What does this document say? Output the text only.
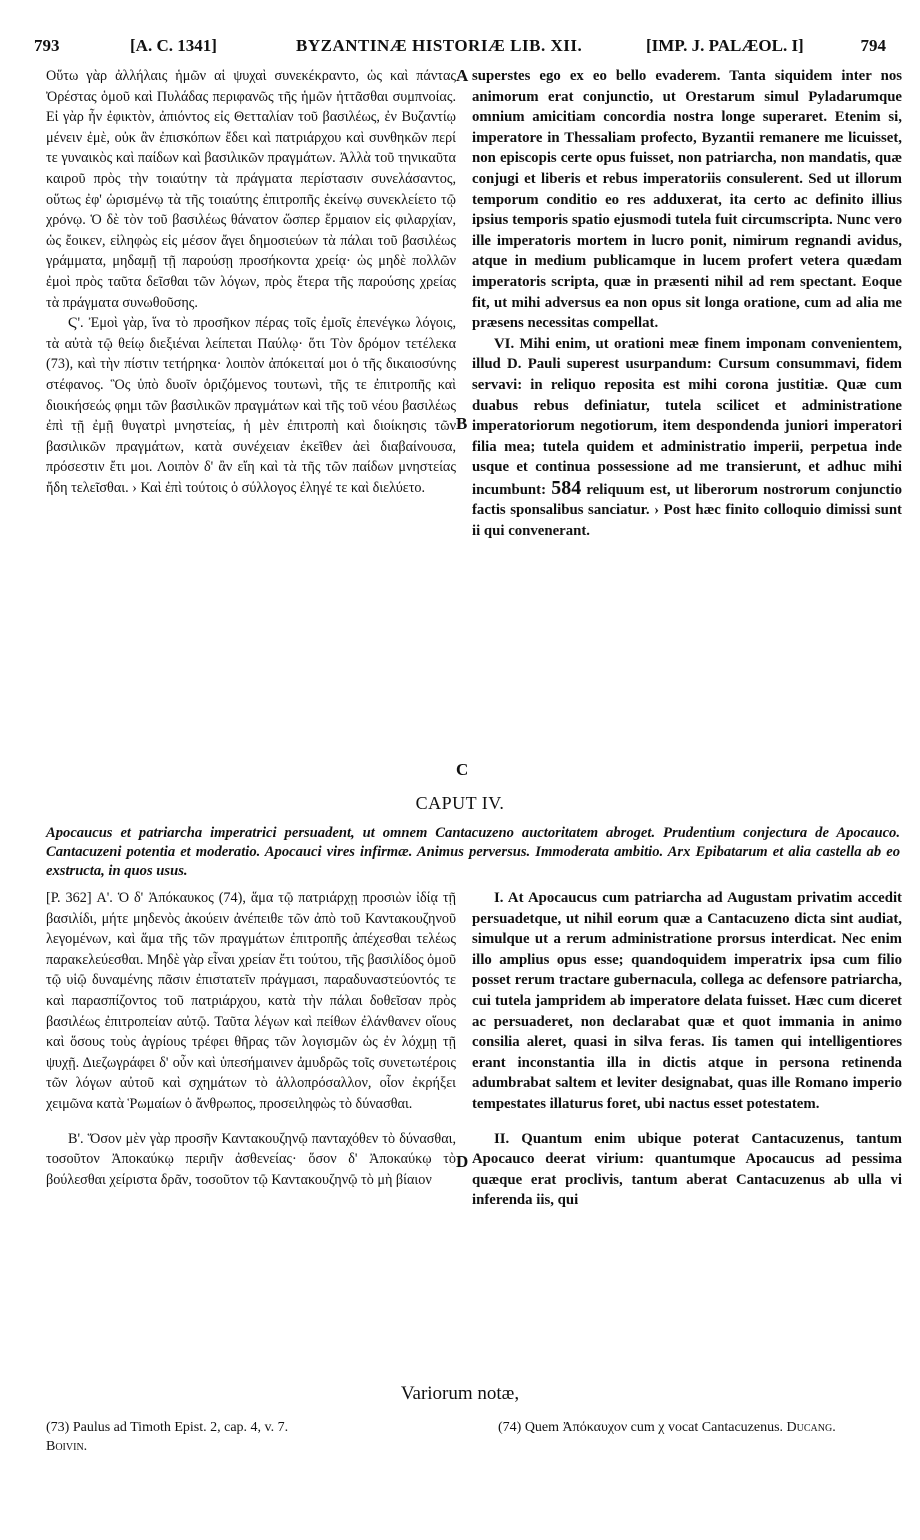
793	[A. C. 1341]	BYZANTINÆ HISTORIÆ LIB. XII.	[IMP. J. PALÆOL. I]	794

Οὕτω γὰρ ἀλλήλαις ἡμῶν αἱ ψυχαὶ συνεκέκραντο, ὡς καὶ πάντας Ὀρέστας ὁμοῦ καὶ Πυλάδας περιφανῶς τῆς ἡμῶν ἡττᾶσθαι συμπνοίας. Εἰ γὰρ ἦν ἐφικτὸν, ἀπιόντος εἰς Θετταλίαν τοῦ βασιλέως, ἐν Βυζαντίῳ μένειν ἐμὲ, οὐκ ἂν ἐπισκόπων ἔδει καὶ πατριάρχου καὶ συνθηκῶν περί τε γυναικὸς καὶ παίδων καὶ βασιλικῶν πραγμάτων. Ἀλλὰ τοῦ τηνικαῦτα καιροῦ πρὸς τὴν τοιαύτην τὰ πράγματα περίστασιν συνελάσαντος, οὕτως ἐφ' ὡρισμένῳ τὰ τῆς τοιαύτης ἐπιτροπῆς ἐκείνῳ συνεκλείετο τῷ χρόνῳ. Ὁ δὲ τὸν τοῦ βασιλέως θάνατον ὥσπερ ἕρμαιον εἰς φιλαρχίαν, ὡς ἔοικεν, εἰληφὼς εἰς μέσον ἄγει δημοσιεύων τὰ πάλαι τοῦ βασιλέως γράμματα, μηδαμῇ τῇ παρούσῃ προσήκοντα χρείᾳ· ὡς μηδὲ πολλῶν ἐμοὶ πρὸς ταῦτα δεῖσθαι τῶν λόγων, πρὸς ἕτερα τῆς παρούσης χρείας τὰ πράγματα συνωθοῦσης.

Ϛ'. Ἐμοὶ γὰρ, ἵνα τὸ προσῆκον πέρας τοῖς ἐμοῖς ἐπενέγκω λόγοις, τὰ αὐτὰ τῷ θείῳ διεξιέναι λείπεται Παύλῳ· ὅτι Τὸν δρόμον τετέλεκα (73), καὶ τὴν πίστιν τετήρηκα· λοιπὸν ἀπόκειταί μοι ὁ τῆς δικαιοσύνης στέφανος. Ὃς ὑπὸ δυοῖν ὁριζόμενος τουτωνὶ, τῆς τε ἐπιτροπῆς καὶ διοικήσεώς φημι τῶν βασιλικῶν πραγμάτων καὶ τῆς τοῦ νέου βασιλέως ἐπὶ τῇ ἐμῇ θυγατρὶ μνηστείας, ἡ μὲν ἐπιτροπὴ καὶ διοίκησις τῶν βασιλικῶν πραγμάτων, κατὰ συνέχειαν ἐκεῖθεν ἀεὶ διαβαίνουσα, πρόσεστιν ἔτι μοι. Λοιπὸν δ' ἂν εἴη καὶ τὰ τῆς τῶν παίδων μνηστείας ἤδη τελεῖσθαι. › Καὶ ἐπὶ τούτοις ὁ σύλλογος ἐληγέ τε καὶ διελύετο.

superstes ego ex eo bello evaderem. Tanta siquidem inter nos animorum erat conjunctio, ut Orestarum simul Pyladarumque omnium amicitiam concordia nostra longe superaret. Etenim si, imperatore in Thessaliam profecto, Byzantii remanere me licuisset, non episcopis certe opus fuisset, non patriarcha, non mandatis, quæ conjugi et liberis et rebus imperatoriis consulerent. Sed ut illorum temporum conditio eo res adduxerat, ita certo ac definito illius ipsius temporis spatio ejusmodi tutela fuit circumscripta. Nunc vero ille imperatoris mortem in lucro ponit, nimirum regnandi avidus, atque in medium publicamque in lucem profert vetera quædam imperatoris scripta, quæ in præsenti nihil ad rem spectant. Eoque fit, ut mihi adversus ea non opus sit longa oratione, cum ad alia me præsens necessitas compellat.

VI. Mihi enim, ut orationi meæ finem imponam convenientem, illud D. Pauli superest usurpandum: Cursum consummavi, fidem servavi: in reliquo reposita est mihi corona justitiæ. Quæ cum duabus rebus definiatur, tutela scilicet et administratione imperatoriorum negotiorum, item despondenda juniori imperatori filia mea; tutela quidem et administratio imperii, perpetua inde usque et continua possessione ad me transierunt, et adhuc mihi incumbunt: 584 reliquum est, ut liberorum nostrorum conjunctio factis sponsalibus sanciatur. › Post hæc finito colloquio dimissi sunt ii qui convenerant.

A
B
C
CAPUT IV.
Apocaucus et patriarcha imperatrici persuadent, ut omnem Cantacuzeno auctoritatem abroget. Prudentium conjectura de Apocauco. Cantacuzeni potentia et moderatio. Apocauci vires infirmæ. Animus perversus. Immoderata ambitio. Arx Epibatarum et alia castella ab eo exstructa, in quos usus.

[P. 362] Α'. Ὁ δ' Ἀπόκαυκος (74), ἅμα τῷ πατριάρχῃ προσιὼν ἰδίᾳ τῇ βασιλίδι, μήτε μηδενὸς ἀκούειν ἀνέπειθε τῶν ἀπὸ τοῦ Καντακουζηνοῦ λεγομένων, καὶ ἅμα τῆς τῶν πραγμάτων ἐπιτροπῆς ἀπέχεσθαι τελέως παρακελεύεσθαι. Μηδὲ γὰρ εἶναι χρείαν ἔτι τούτου, τῆς βασιλίδος ὁμοῦ τῷ υἱῷ δυναμένης πᾶσιν ἐπιστατεῖν πράγμασι, παραδυναστεύοντός τε καὶ παρασπίζοντος τοῦ πατριάρχου, κατὰ τὴν πάλαι δοθεῖσαν πρὸς βασιλέως ἐπιτροπείαν αὐτῷ. Ταῦτα λέγων καὶ πείθων ἐλάνθανεν οἵους καὶ ὅσους τοὺς ἀγρίους τρέφει θῆρας τῶν λογισμῶν ὡς ἐν λόχμῃ τῇ ψυχῇ. Διεζωγράφει δ' οὖν καὶ ὑπεσήμαινεν ἀμυδρῶς τοῖς συνετωτέροις τῶν λόγων αὐτοῦ καὶ σχημάτων τὸ ἀλλοπρόσαλλον, οἷον ἐκρήξει χειμῶνα κατὰ Ῥωμαίων ὁ ἄνθρωπος, προσειληφὼς τὸ δύνασθαι.

Β'. Ὅσον μὲν γὰρ προσῆν Καντακουζηνῷ πανταχόθεν τὸ δύνασθαι, τοσοῦτον Ἀποκαύκῳ περιῆν ἀσθενείας· ὅσον δ' Ἀποκαύκῳ τὸ βούλεσθαι χείριστα δρᾶν, τοσοῦτον τῷ Καντακουζηνῷ τὸ μὴ βίαιον

I. At Apocaucus cum patriarcha ad Augustam privatim accedit persuadetque, ut nihil eorum quæ a Cantacuzeno dicta sint audiat, simulque ut a rerum administratione prorsus interdicat. Nec enim illo amplius opus esse; quandoquidem imperatrix ipsa cum filio posset rerum tractare gubernacula, collega ac defensore patriarcha, cui tutela jampridem ab imperatore delata fuisset. Hæc cum diceret ac persuaderet, non declarabat quæ et quot immania in animo consilia aleret, quasi in silva feras. Iis tamen qui intelligentiores erant inconstantia illa in dictis atque in persona retinenda adumbrabat saltem et leviter designabat, quas ille Romano imperio tempestates illaturus foret, ubi nactus esset potestatem.

II. Quantum enim ubique poterat Cantacuzenus, tantum Apocauco deerat virium: quantumque Apocaucus ad pessima quæque erat proclivis, tantum aberat Cantacuzenus ab ulla vi inferenda iis, qui

D
Variorum notæ,
(73) Paulus ad Timoth Epist. 2, cap. 4, v. 7.
Boivin.
(74) Quem Ἀπόκαυχον cum χ vocat Cantacuzenus. Ducang.
